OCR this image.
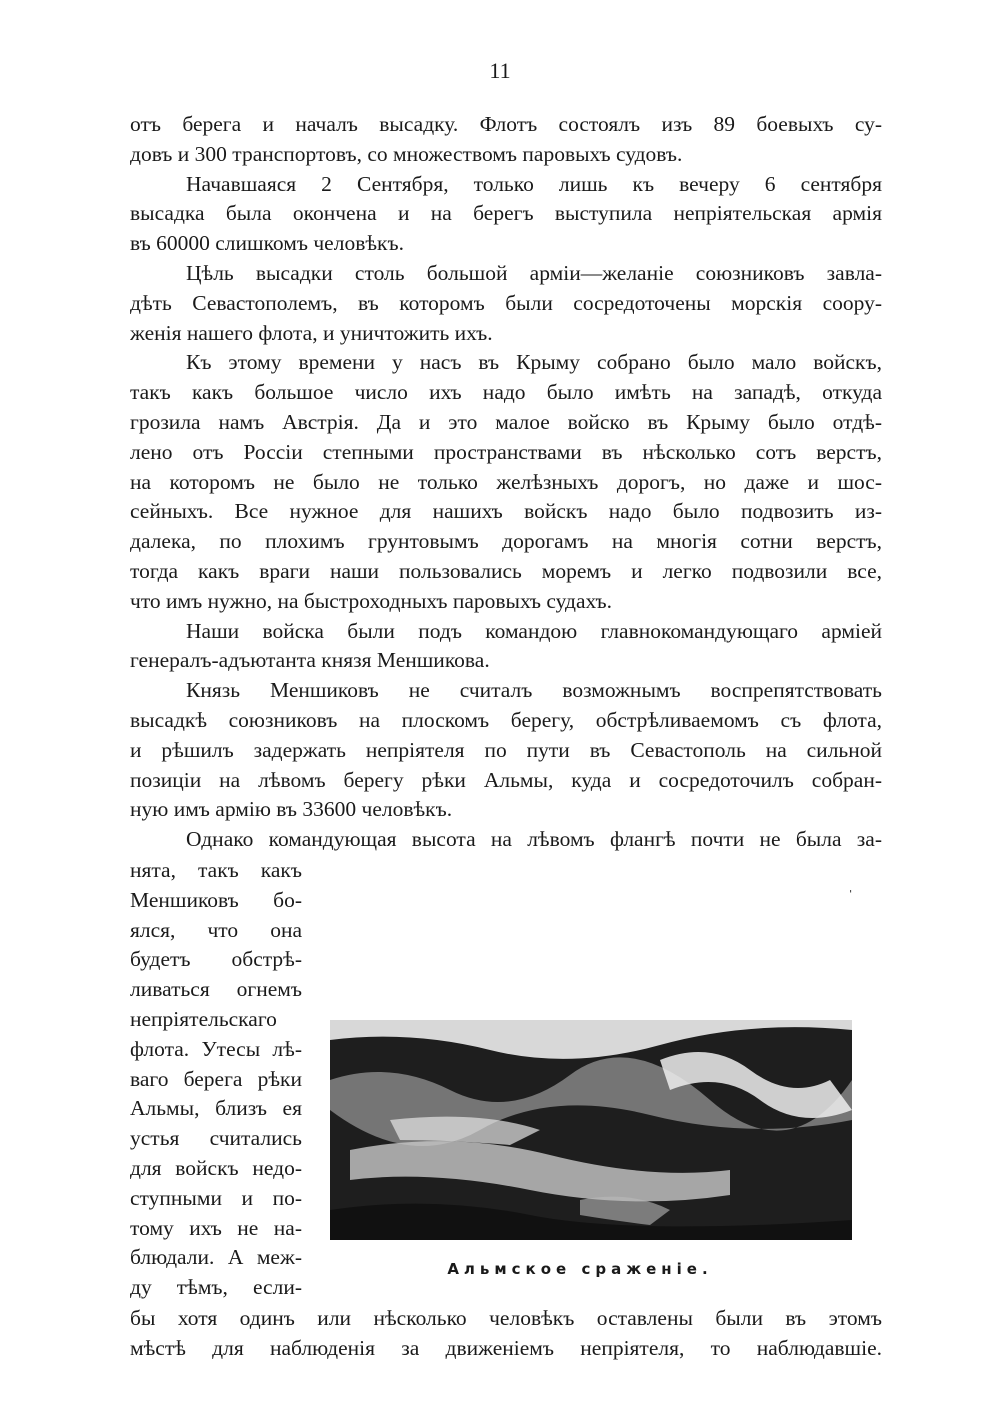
11
отъ берега и началъ высадку. Флотъ состоялъ изъ 89 боевыхъ су-
довъ и 300 транспортовъ, со множествомъ паровыхъ судовъ.
Начавшаяся 2 Сентября, только лишь къ вечеру 6 сентября
высадка была окончена и на берегъ выступила непріятельская армія
въ 60000 слишкомъ человѣкъ.
Цѣль высадки столь большой арміи—желаніе союзниковъ завла-
дѣть Севастополемъ, въ которомъ были сосредоточены морскія соору-
женія нашего флота, и уничтожить ихъ.
Къ этому времени у насъ въ Крыму собрано было мало войскъ,
такъ какъ большое число ихъ надо было имѣть на западѣ, откуда
грозила намъ Австрія. Да и это малое войско въ Крыму было отдѣ-
лено отъ Россіи степными пространствами въ нѣсколько сотъ верстъ,
на которомъ не было не только желѣзныхъ дорогъ, но даже и шос-
сейныхъ. Все нужное для нашихъ войскъ надо было подвозить из-
далека, по плохимъ грунтовымъ дорогамъ на многія сотни верстъ,
тогда какъ враги наши пользовались моремъ и легко подвозили все,
что имъ нужно, на быстроходныхъ паровыхъ судахъ.
Наши войска были подъ командою главнокомандующаго арміей
генералъ-адъютанта князя Меншикова.
Князь Меншиковъ не считалъ возможнымъ воспрепятствовать
высадкѣ союзниковъ на плоскомъ берегу, обстрѣливаемомъ съ флота,
и рѣшилъ задержать непріятеля по пути въ Севастополь на сильной
позиціи на лѣвомъ берегу рѣки Альмы, куда и сосредоточилъ собран-
ную имъ армію въ 33600 человѣкъ.
Однако командующая высота на лѣвомъ флангѣ почти не была за-
нята, такъ какъ
Меншиковъ бо-
ялся, что она
будетъ обстрѣ-
ливаться огнемъ
непріятельскаго
флота. Утесы лѣ-
ваго берега рѣки
Альмы, близъ ея
устья считались
для войскъ недо-
ступными и по-
тому ихъ не на-
блюдали. А меж-
ду тѣмъ, если-
Альмское сраженіе.
ˌ
бы хотя одинъ или нѣсколько человѣкъ оставлены были въ этомъ
мѣстѣ для наблюденія за движеніемъ непріятеля, то наблюдавшіе.
